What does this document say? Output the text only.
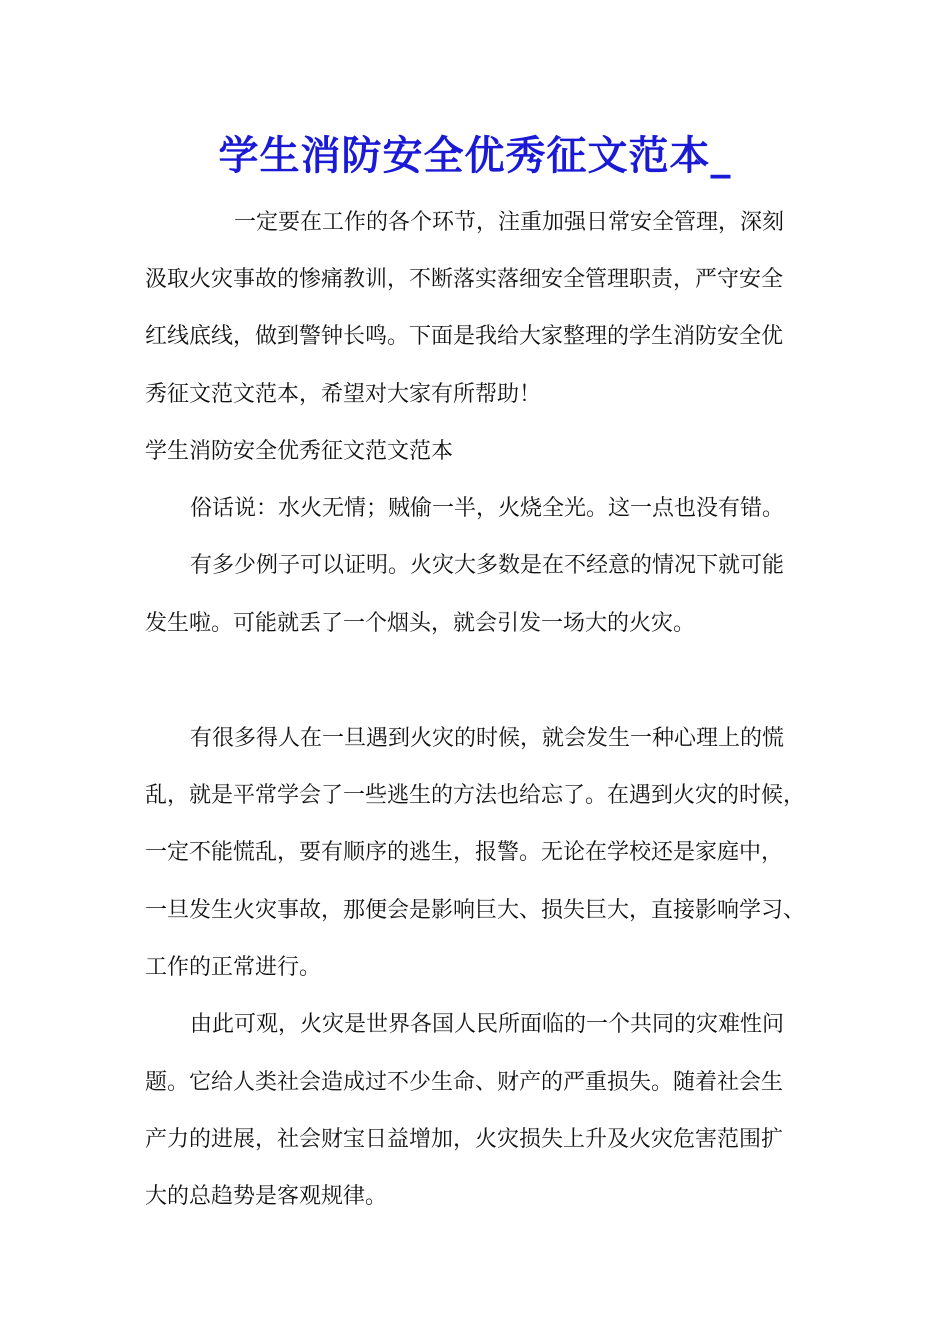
学生消防安全优秀征文范本_
一定要在工作的各个环节，注重加强日常安全管理，深刻
汲取火灾事故的惨痛教训，不断落实落细安全管理职责，严守安全
红线底线，做到警钟长鸣。下面是我给大家整理的学生消防安全优
秀征文范文范本，希望对大家有所帮助！
学生消防安全优秀征文范文范本
俗话说：水火无情；贼偷一半，火烧全光。这一点也没有错。
有多少例子可以证明。火灾大多数是在不经意的情况下就可能
发生啦。可能就丢了一个烟头，就会引发一场大的火灾。
有很多得人在一旦遇到火灾的时候，就会发生一种心理上的慌
乱，就是平常学会了一些逃生的方法也给忘了。在遇到火灾的时候，
一定不能慌乱，要有顺序的逃生，报警。无论在学校还是家庭中，
一旦发生火灾事故，那便会是影响巨大、损失巨大，直接影响学习、
工作的正常进行。
由此可观，火灾是世界各国人民所面临的一个共同的灾难性问
题。它给人类社会造成过不少生命、财产的严重损失。随着社会生
产力的进展，社会财宝日益增加，火灾损失上升及火灾危害范围扩
大的总趋势是客观规律。
